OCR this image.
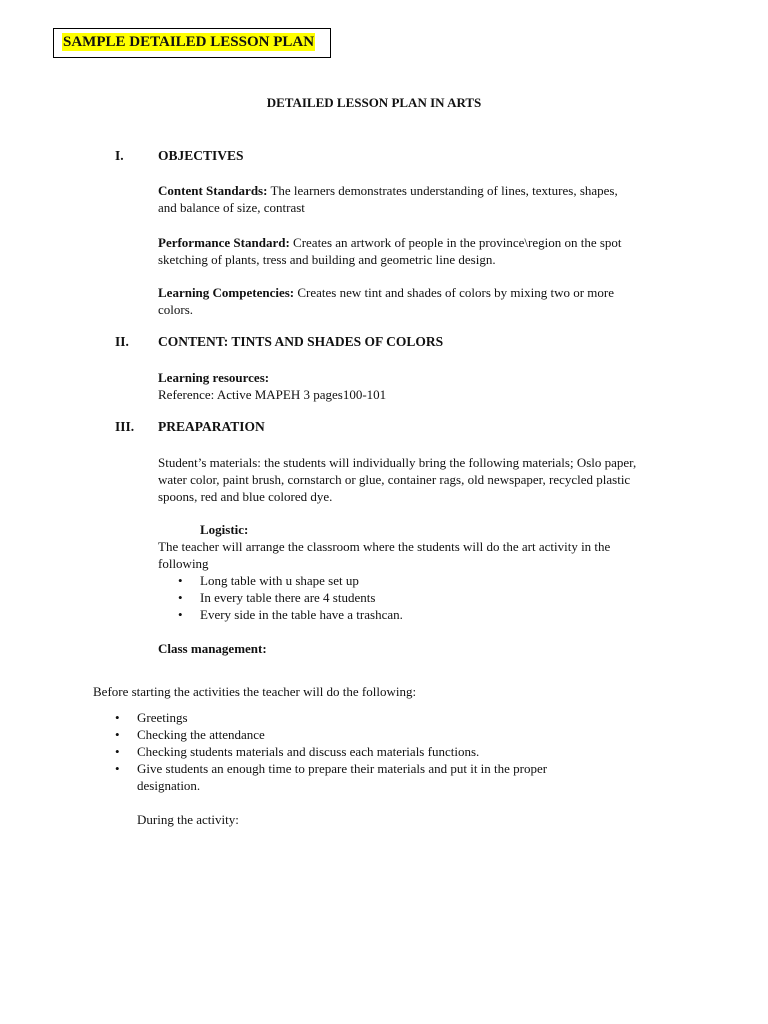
SAMPLE DETAILED LESSON PLAN
DETAILED LESSON PLAN IN ARTS
I.	OBJECTIVES
Content Standards: The learners demonstrates understanding of lines, textures, shapes, and balance of size, contrast
Performance Standard: Creates an artwork of people in the province\region on the spot sketching of plants, tress and building and geometric line design.
Learning Competencies: Creates new tint and shades of colors by mixing two or more colors.
II. CONTENT: TINTS AND SHADES OF COLORS
Learning resources:
Reference: Active MAPEH 3 pages100-101
III. PREAPARATION
Student’s materials: the students will individually bring the following materials; Oslo paper, water color, paint brush, cornstarch or glue, container rags, old newspaper, recycled plastic spoons, red and blue colored dye.
Logistic:
The teacher will arrange the classroom where the students will do the art activity in the following
• Long table with u shape set up
• In every table there are 4 students
• Every side in the table have a trashcan.
Class management:
Before starting the activities the teacher will do the following:
• Greetings
• Checking the attendance
• Checking students materials and discuss each materials functions.
• Give students an enough time to prepare their materials and put it in the proper designation.
During the activity:
